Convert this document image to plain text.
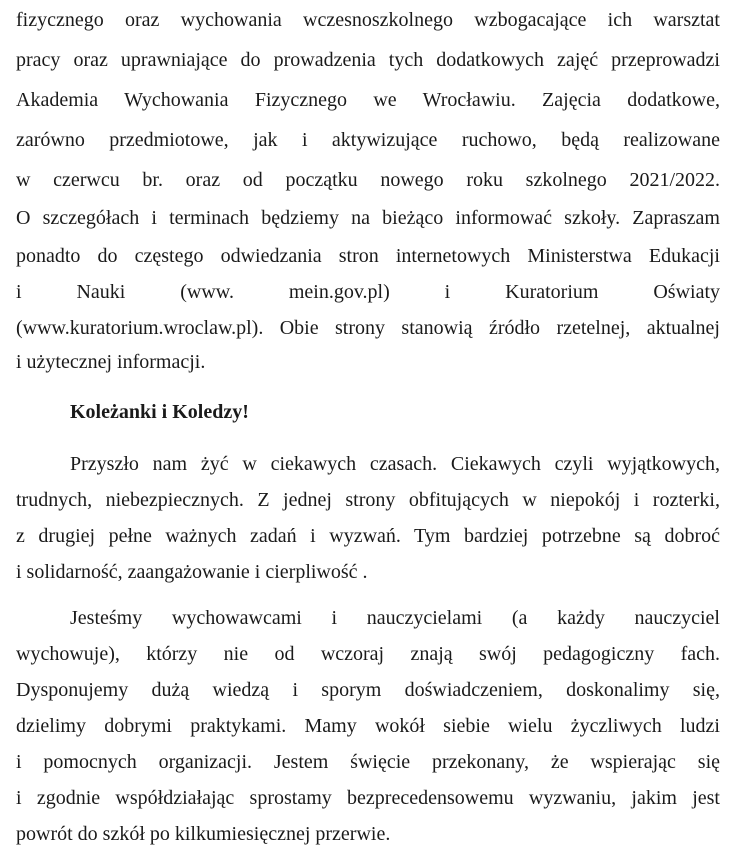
fizycznego oraz wychowania wczesnoszkolnego wzbogacające ich warsztat
pracy oraz uprawniające do prowadzenia tych dodatkowych zajęć przeprowadzi
Akademia Wychowania Fizycznego we Wrocławiu. Zajęcia dodatkowe,
zarówno przedmiotowe, jak i aktywizujące ruchowo, będą realizowane
w czerwcu br. oraz od początku nowego roku szkolnego 2021/2022.
O szczegółach i terminach będziemy na bieżąco informować szkoły. Zapraszam
ponadto do częstego odwiedzania stron internetowych Ministerstwa Edukacji
i Nauki (www. mein.gov.pl) i Kuratorium Oświaty
(www.kuratorium.wroclaw.pl). Obie strony stanowią źródło rzetelnej, aktualnej
i użytecznej informacji.
Koleżanki i Koledzy!
Przyszło nam żyć w ciekawych czasach. Ciekawych czyli wyjątkowych,
trudnych, niebezpiecznych. Z jednej strony obfitujących w niepokój i rozterki,
z drugiej pełne ważnych zadań i wyzwań. Tym bardziej potrzebne są dobroć
i solidarność, zaangażowanie i cierpliwość .
Jesteśmy wychowawcami i nauczycielami (a każdy nauczyciel
wychowuje), którzy nie od wczoraj znają swój pedagogiczny fach.
Dysponujemy dużą wiedzą i sporym doświadczeniem, doskonalimy się,
dzielimy dobrymi praktykami. Mamy wokół siebie wielu życzliwych ludzi
i pomocnych organizacji. Jestem święcie przekonany, że wspierając się
i zgodnie współdziałając sprostamy bezprecedensowemu wyzwaniu, jakim jest
powrót do szkół po kilkumiesięcznej przerwie.
